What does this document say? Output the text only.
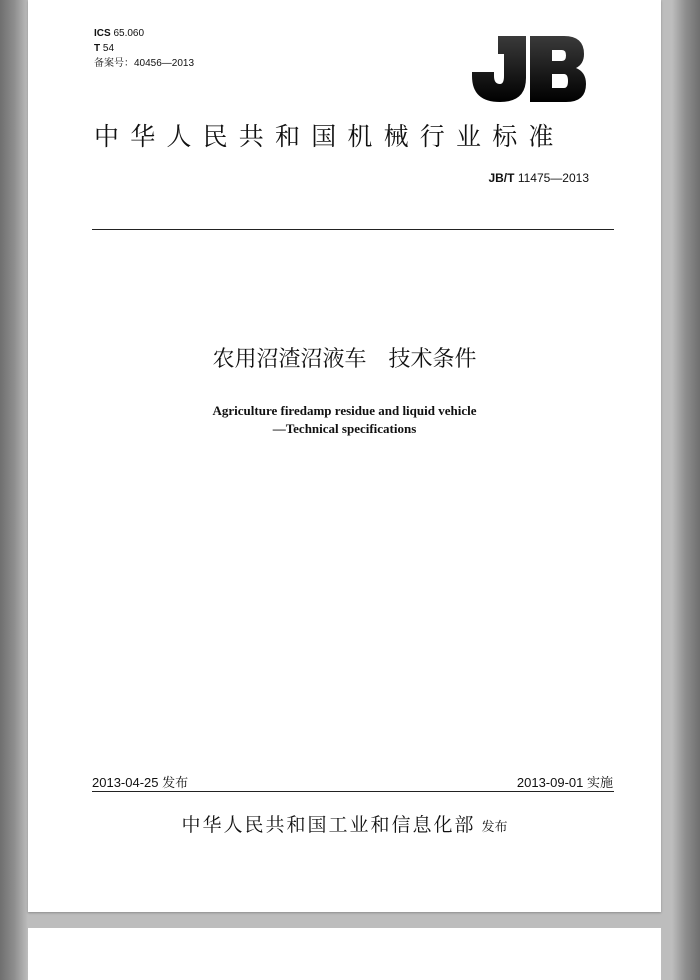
ICS 65.060
T 54
备案号：40456—2013
中华人民共和国机械行业标准
JB/T 11475—2013
农用沼渣沼液车　技术条件
Agriculture firedamp residue and liquid vehicle
—Technical specifications
2013-04-25 发布	2013-09-01 实施
中华人民共和国工业和信息化部 发布
